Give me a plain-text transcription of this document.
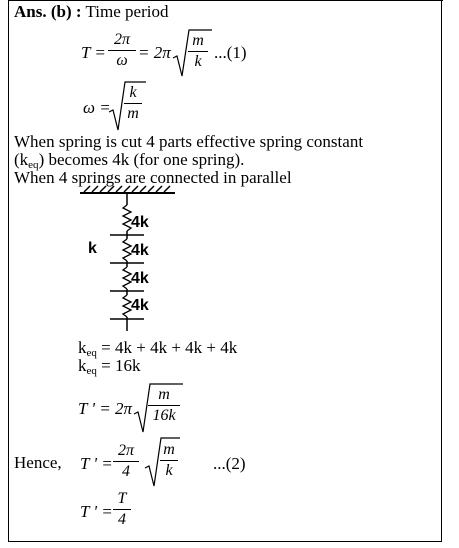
Ans. (b) : Time period
T =
2π
ω = 2π
m
k ...(1)
ω =
k
m
When spring is cut 4 parts effective spring constant
$(k_{eq})$ becomes 4k (for one spring).
When 4 springs are connected in parallel
k
4k
4k
4k
4k
$k_{eq} = 4k + 4k + 4k + 4k$
$k_{eq} = 16k$
T ' = 2π
m
16k
Hence, T ' =
2π
4
m
k	...(2)
T ' =
T
4
